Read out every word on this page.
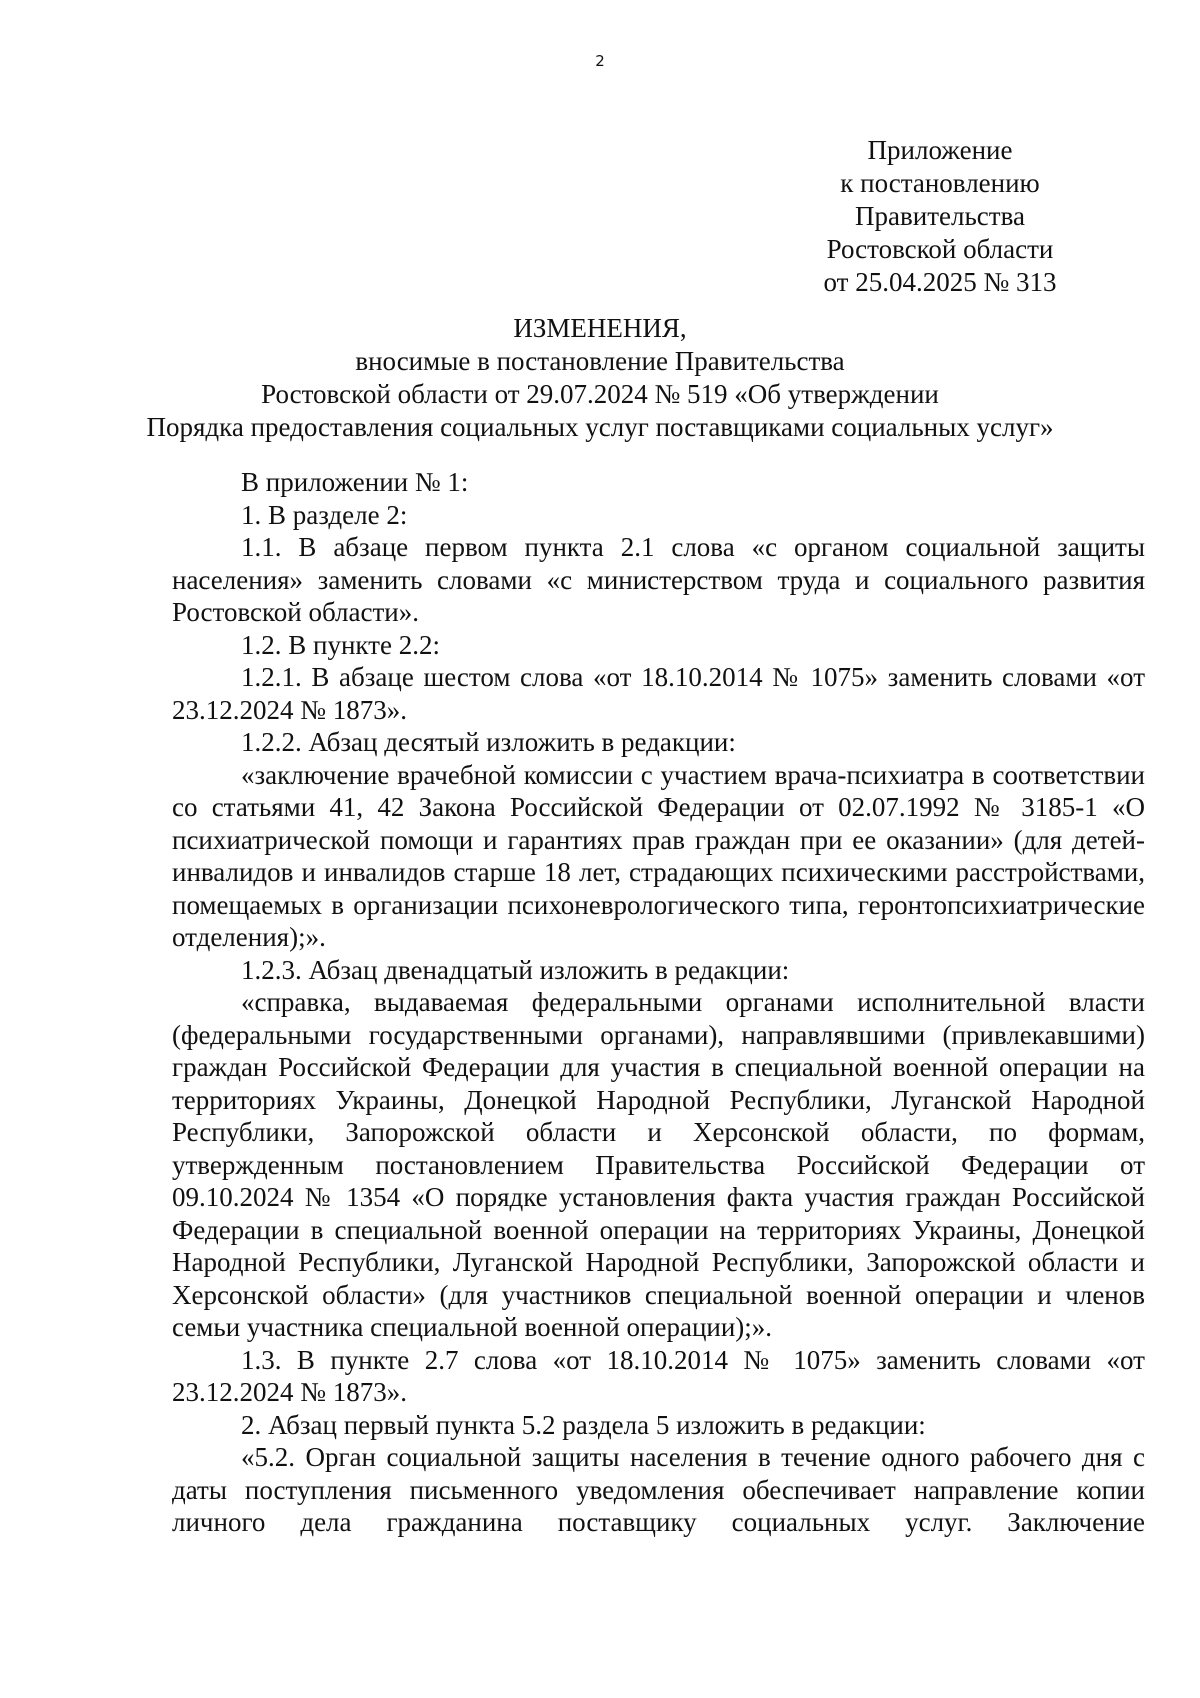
2
Приложение
к постановлению
Правительства
Ростовской области
от 25.04.2025 № 313
ИЗМЕНЕНИЯ,
вносимые в постановление Правительства
Ростовской области от 29.07.2024 № 519 «Об утверждении
Порядка предоставления социальных услуг поставщиками социальных услуг»

В приложении № 1:

1. В разделе 2:

1.1. В абзаце первом пункта 2.1 слова «с органом социальной защиты населения» заменить словами «с министерством труда и социального развития Ростовской области».

1.2. В пункте 2.2:

1.2.1. В абзаце шестом слова «от 18.10.2014 № 1075» заменить словами «от 23.12.2024 № 1873».

1.2.2. Абзац десятый изложить в редакции:

«заключение врачебной комиссии с участием врача-психиатра в соответствии со статьями 41, 42 Закона Российской Федерации от 02.07.1992 № 3185-1 «О психиатрической помощи и гарантиях прав граждан при ее оказании» (для детей-инвалидов и инвалидов старше 18 лет, страдающих психическими расстройствами, помещаемых в организации психоневрологического типа, геронтопсихиатрические отделения);».

1.2.3. Абзац двенадцатый изложить в редакции:

«справка, выдаваемая федеральными органами исполнительной власти (федеральными государственными органами), направлявшими (привлекавшими) граждан Российской Федерации для участия в специальной военной операции на территориях Украины, Донецкой Народной Республики, Луганской Народной Республики, Запорожской области и Херсонской области, по формам, утвержденным постановлением Правительства Российской Федерации от 09.10.2024 № 1354 «О порядке установления факта участия граждан Российской Федерации в специальной военной операции на территориях Украины, Донецкой Народной Республики, Луганской Народной Республики, Запорожской области и Херсонской области» (для участников специальной военной операции и членов семьи участника специальной военной операции);».

1.3. В пункте 2.7 слова «от 18.10.2014 № 1075» заменить словами «от 23.12.2024 № 1873».

2. Абзац первый пункта 5.2 раздела 5 изложить в редакции:

«5.2. Орган социальной защиты населения в течение одного рабочего дня с даты поступления письменного уведомления обеспечивает направление копии личного дела гражданина поставщику социальных услуг. Заключение
